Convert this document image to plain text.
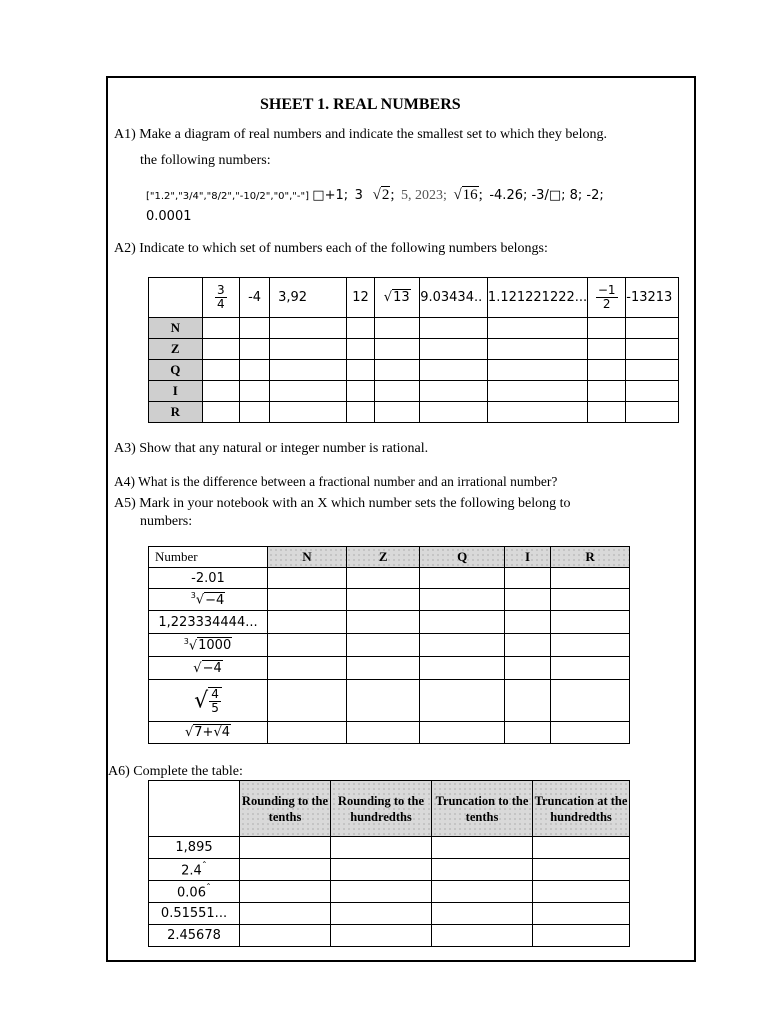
SHEET 1. REAL NUMBERS
A1) Make a diagram of real numbers and indicate the smallest set to which they belong.
the following numbers:
["1.2","3/4","8/2","-10/2","0","-"] □+1; 3 √2; 5, 2023; √16; -4.26; -3/□; 8; -2;
0.0001
A2) Indicate to which set of numbers each of the following numbers belongs:

	$\frac{3}{4}$	-4	3,92	12	√13	9.03434..	1.121221222...	$\frac{-1}{2}$	-13213
N									
Z									
Q									
I									
R									
A3) Show that any natural or integer number is rational.
A4) What is the difference between a fractional number and an irrational number?
A5) Mark in your notebook with an X which number sets the following belong to
numbers:
Number	N	Z	Q	I	R
-2.01					
$^3$√−4					
1,223334444...					
$^3$√1000					
√−4					
√ $\frac{4}{5}$

√7+√4					
A6) Complete the table:
	Rounding to the tenths	Rounding to the hundredths	Truncation to the tenths	Truncation at the hundredths
1,895				
$2.4^ˆ$				
$0.06^ˆ$				
0.51551...				
2.45678				
